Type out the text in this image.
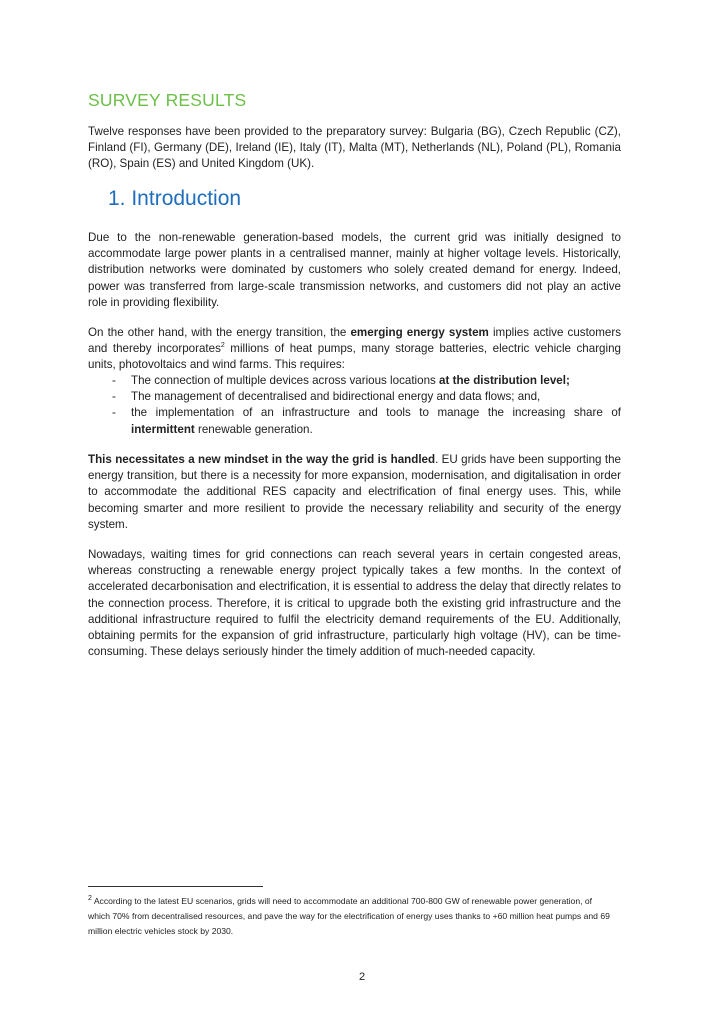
SURVEY RESULTS

Twelve responses have been provided to the preparatory survey: Bulgaria (BG), Czech Republic (CZ), Finland (FI), Germany (DE), Ireland (IE), Italy (IT), Malta (MT), Netherlands (NL), Poland (PL), Romania (RO), Spain (ES) and United Kingdom (UK).

1. Introduction

Due to the non-renewable generation-based models, the current grid was initially designed to accommodate large power plants in a centralised manner, mainly at higher voltage levels. Historically, distribution networks were dominated by customers who solely created demand for energy. Indeed, power was transferred from large-scale transmission networks, and customers did not play an active role in providing flexibility.

On the other hand, with the energy transition, the emerging energy system implies active customers and thereby incorporates$^2$ millions of heat pumps, many storage batteries, electric vehicle charging units, photovoltaics and wind farms. This requires:

- The connection of multiple devices across various locations at the distribution level;
- The management of decentralised and bidirectional energy and data flows; and,
- the implementation of an infrastructure and tools to manage the increasing share of intermittent renewable generation.

This necessitates a new mindset in the way the grid is handled. EU grids have been supporting the energy transition, but there is a necessity for more expansion, modernisation, and digitalisation in order to accommodate the additional RES capacity and electrification of final energy uses. This, while becoming smarter and more resilient to provide the necessary reliability and security of the energy system.

Nowadays, waiting times for grid connections can reach several years in certain congested areas, whereas constructing a renewable energy project typically takes a few months. In the context of accelerated decarbonisation and electrification, it is essential to address the delay that directly relates to the connection process. Therefore, it is critical to upgrade both the existing grid infrastructure and the additional infrastructure required to fulfil the electricity demand requirements of the EU. Additionally, obtaining permits for the expansion of grid infrastructure, particularly high voltage (HV), can be time-consuming. These delays seriously hinder the timely addition of much-needed capacity.

$^2$ According to the latest EU scenarios, grids will need to accommodate an additional 700-800 GW of renewable power generation, of which 70% from decentralised resources, and pave the way for the electrification of energy uses thanks to +60 million heat pumps and 69 million electric vehicles stock by 2030.

2
